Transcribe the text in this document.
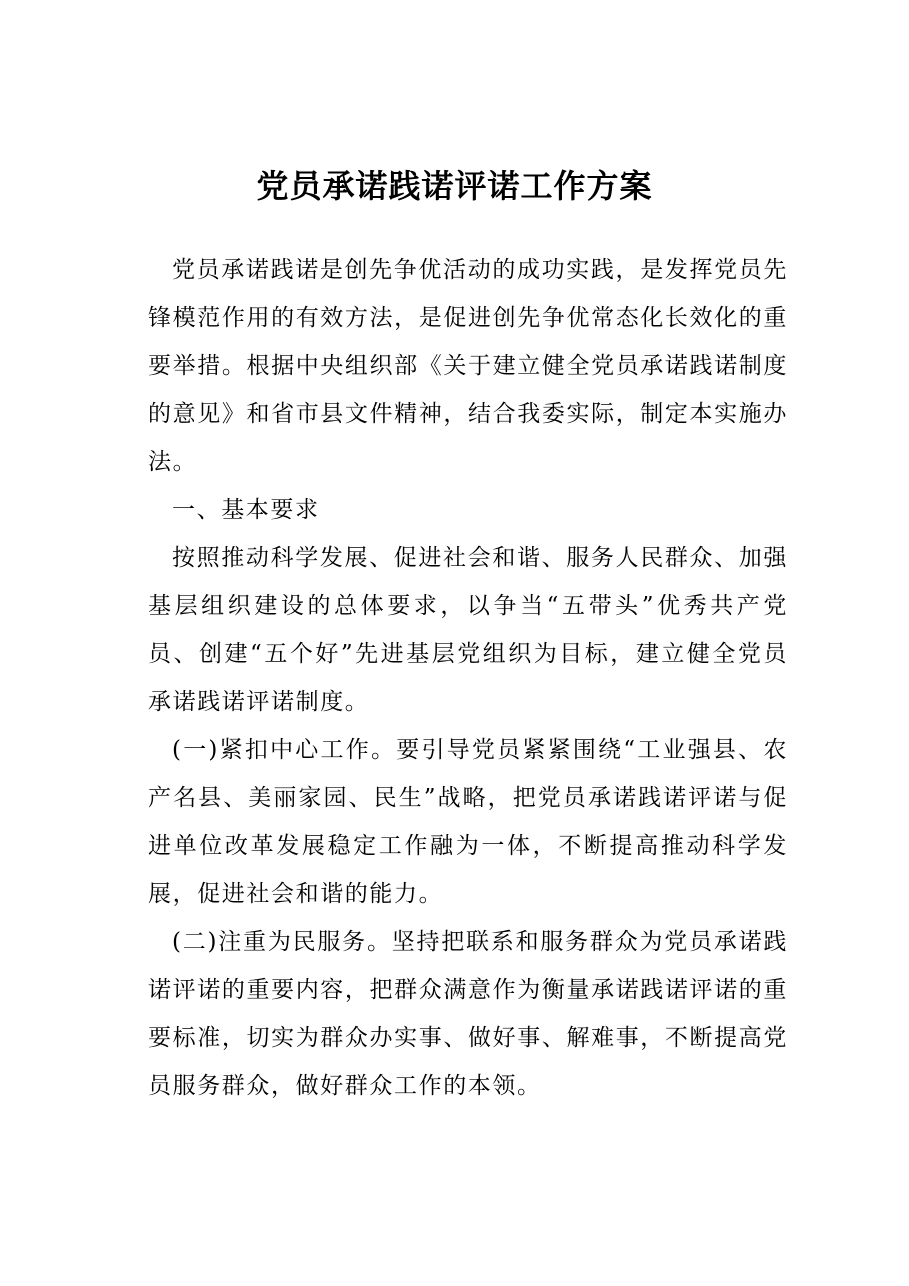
党员承诺践诺评诺工作方案

党员承诺践诺是创先争优活动的成功实践，是发挥党员先锋模范作用的有效方法，是促进创先争优常态化长效化的重要举措。根据中央组织部《关于建立健全党员承诺践诺制度的意见》和省市县文件精神，结合我委实际，制定本实施办法。

一、基本要求

按照推动科学发展、促进社会和谐、服务人民群众、加强基层组织建设的总体要求，以争当“五带头”优秀共产党员、创建“五个好”先进基层党组织为目标，建立健全党员承诺践诺评诺制度。

(一)紧扣中心工作。要引导党员紧紧围绕“工业强县、农产名县、美丽家园、民生”战略，把党员承诺践诺评诺与促进单位改革发展稳定工作融为一体，不断提高推动科学发展，促进社会和谐的能力。

(二)注重为民服务。坚持把联系和服务群众为党员承诺践诺评诺的重要内容，把群众满意作为衡量承诺践诺评诺的重要标准，切实为群众办实事、做好事、解难事，不断提高党员服务群众，做好群众工作的本领。
